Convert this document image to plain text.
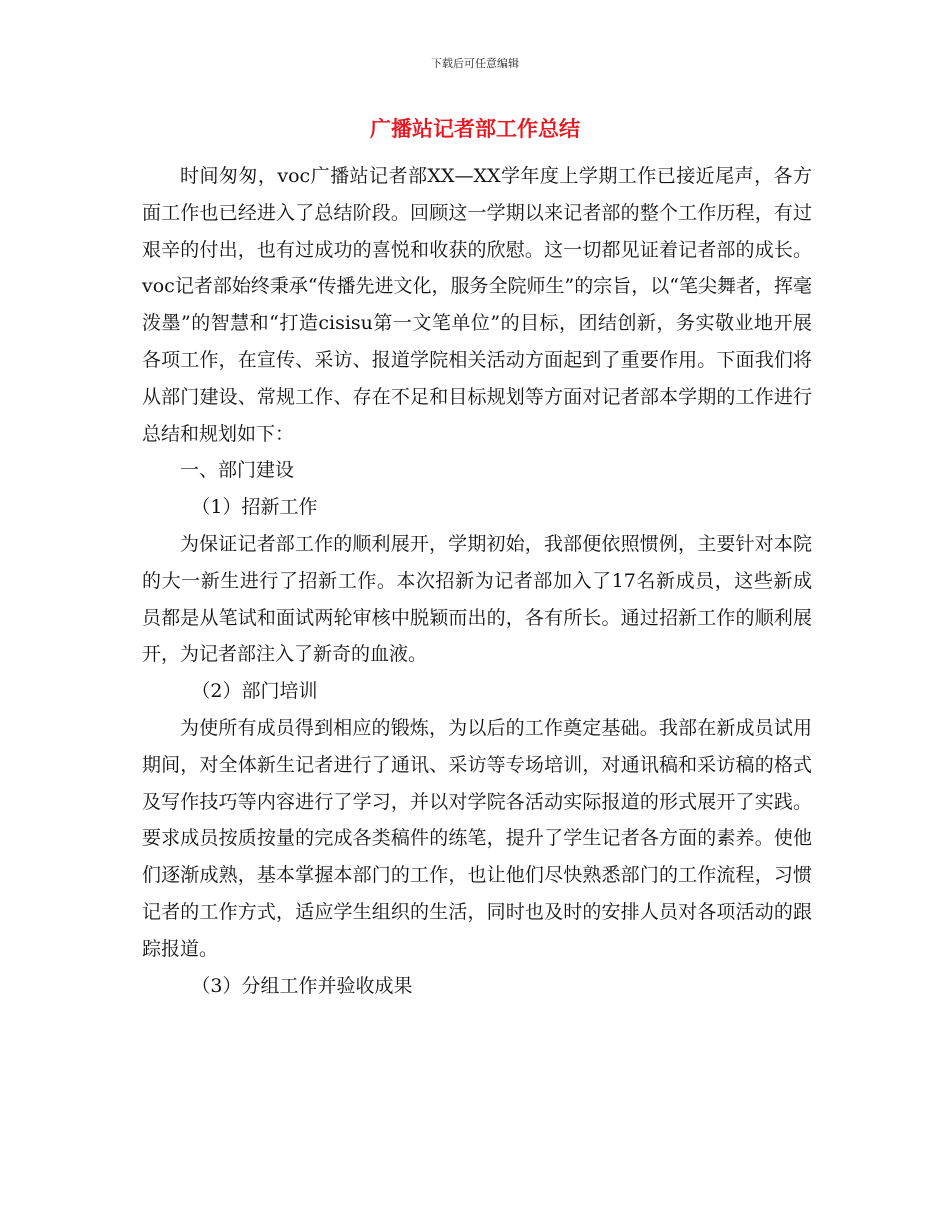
下载后可任意编辑
广播站记者部工作总结

时间匆匆，voc广播站记者部XX—XX学年度上学期工作已接近尾声，各方面工作也已经进入了总结阶段。回顾这一学期以来记者部的整个工作历程，有过艰辛的付出，也有过成功的喜悦和收获的欣慰。这一切都见证着记者部的成长。voc记者部始终秉承“传播先进文化，服务全院师生”的宗旨，以“笔尖舞者，挥毫泼墨”的智慧和“打造cisisu第一文笔单位”的目标，团结创新，务实敬业地开展各项工作，在宣传、采访、报道学院相关活动方面起到了重要作用。下面我们将从部门建设、常规工作、存在不足和目标规划等方面对记者部本学期的工作进行总结和规划如下：

一、部门建设

（1）招新工作

为保证记者部工作的顺利展开，学期初始，我部便依照惯例，主要针对本院的大一新生进行了招新工作。本次招新为记者部加入了17名新成员，这些新成员都是从笔试和面试两轮审核中脱颖而出的，各有所长。通过招新工作的顺利展开，为记者部注入了新奇的血液。

（2）部门培训

为使所有成员得到相应的锻炼，为以后的工作奠定基础。我部在新成员试用期间，对全体新生记者进行了通讯、采访等专场培训，对通讯稿和采访稿的格式及写作技巧等内容进行了学习，并以对学院各活动实际报道的形式展开了实践。要求成员按质按量的完成各类稿件的练笔，提升了学生记者各方面的素养。使他们逐渐成熟，基本掌握本部门的工作，也让他们尽快熟悉部门的工作流程，习惯记者的工作方式，适应学生组织的生活，同时也及时的安排人员对各项活动的跟踪报道。

（3）分组工作并验收成果
